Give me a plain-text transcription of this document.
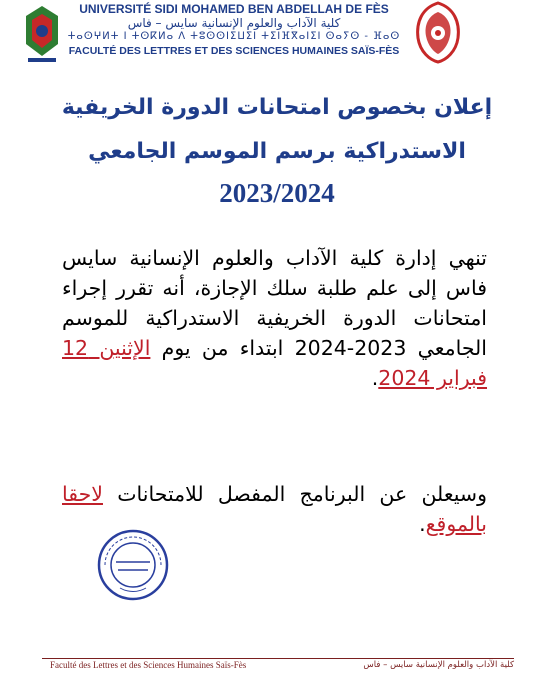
UNIVERSITÉ SIDI MOHAMED BEN ABDELLAH DE FÈS
كلية الآداب والعلوم الإنسانية سايس – فاس
ⵜⴰⵙⵖⵍⵜ ⵏ ⵜⵙⴽⵍⴰ ⴷ ⵜⵓⵙⵙⵏⵉⵡⵉⵏ ⵜⵉⵏⴼⴳⴰⵏⵉⵏ ⵙⴰⵢⵙ - ⴼⴰⵙ
FACULTÉ DES LETTRES ET DES SCIENCES HUMAINES SAÏS-FÈS
إعلان بخصوص امتحانات الدورة الخريفية
الاستدراكية برسم الموسم الجامعي
2023/2024
تنهي إدارة كلية الآداب والعلوم الإنسانية سايس فاس إلى علم طلبة سلك الإجازة، أنه تقرر إجراء امتحانات الدورة الخريفية الاستدراكية للموسم الجامعي 2023-2024 ابتداء من يوم الإثنين 12 فبراير 2024.
وسيعلن عن البرنامج المفصل للامتحانات لاحقا بالموقع.
Faculté des Lettres et des Sciences Humaines Saïs-Fès	كلية الآداب والعلوم الإنسانية سايس – فاس
